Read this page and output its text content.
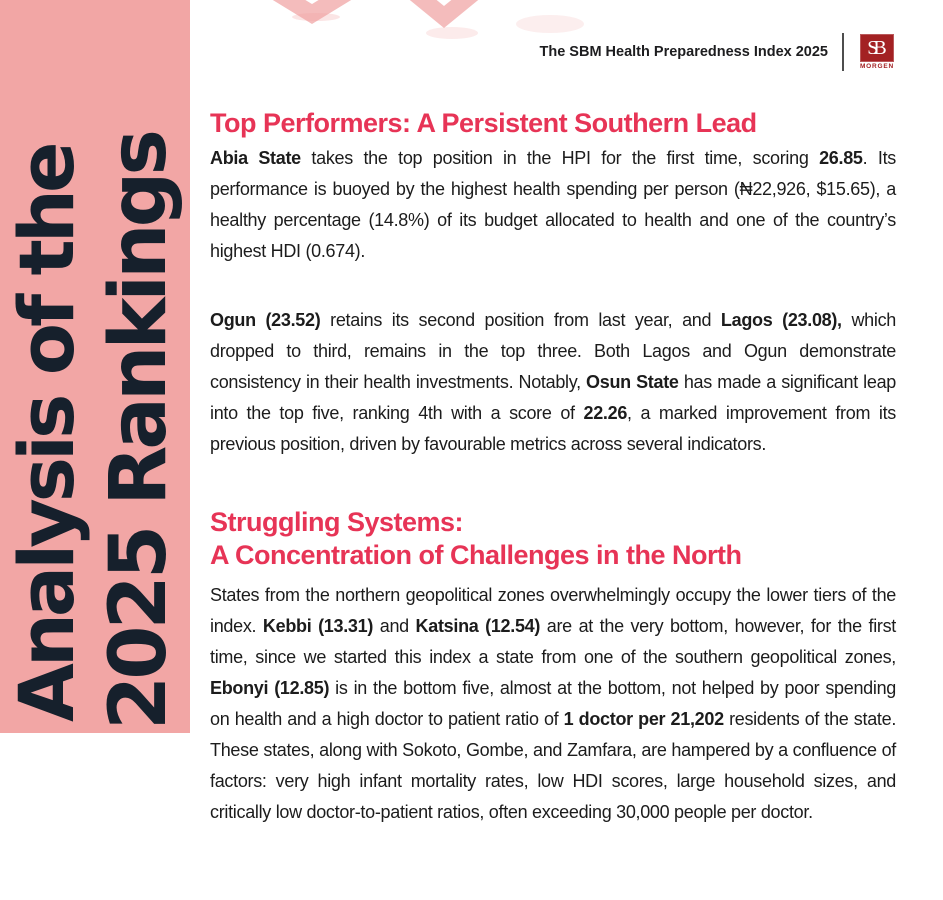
Analysis of the 2025 Rankings
The SBM Health Preparedness Index 2025 SB
MORGEN
Top Performers: A Persistent Southern Lead

Abia State takes the top position in the HPI for the first time, scoring 26.85. Its performance is buoyed by the highest health spending per person (₦22,926, $15.65), a healthy percentage (14.8%) of its budget allocated to health and one of the country’s highest HDI (0.674).

Ogun (23.52) retains its second position from last year, and Lagos (23.08), which dropped to third, remains in the top three. Both Lagos and Ogun demonstrate consistency in their health investments. Notably, Osun State has made a significant leap into the top five, ranking 4th with a score of 22.26, a marked improvement from its previous position, driven by favourable metrics across several indicators.

Struggling Systems:
A Concentration of Challenges in the North

States from the northern geopolitical zones overwhelmingly occupy the lower tiers of the index. Kebbi (13.31) and Katsina (12.54) are at the very bottom, however, for the first time, since we started this index a state from one of the southern geopolitical zones, Ebonyi (12.85) is in the bottom five, almost at the bottom, not helped by poor spending on health and a high doctor to patient ratio of 1 doctor per 21,202 residents of the state. These states, along with Sokoto, Gombe, and Zamfara, are hampered by a confluence of factors: very high infant mortality rates, low HDI scores, large household sizes, and critically low doctor-to-patient ratios, often exceeding 30,000 people per doctor.
